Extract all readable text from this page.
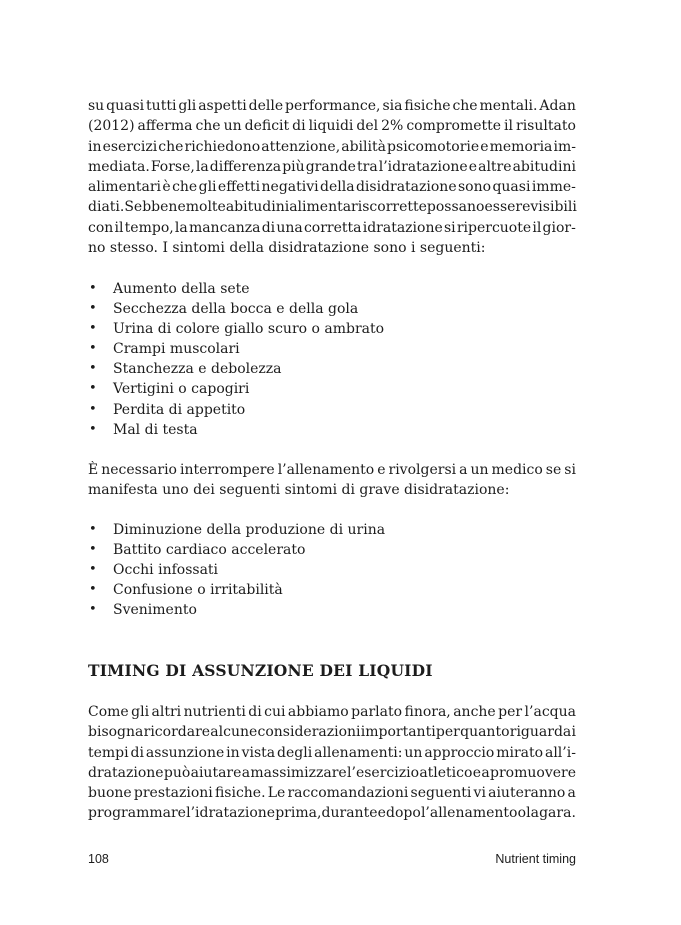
su quasi tutti gli aspetti delle performance, sia fisiche che mentali. Adan
(2012) afferma che un deficit di liquidi del 2% compromette il risultato
in esercizi che richiedono attenzione, abilità psicomotorie e memoria im-
mediata. Forse, la differenza più grande tra l’idratazione e altre abitudini
alimentari è che gli effetti negativi della disidratazione sono quasi imme-
diati. Sebbene molte abitudini alimentari scorrette possano essere visibili
con il tempo, la mancanza di una corretta idratazione si ripercuote il gior-
no stesso. I sintomi della disidratazione sono i seguenti:
• Aumento della sete
• Secchezza della bocca e della gola
• Urina di colore giallo scuro o ambrato
• Crampi muscolari
• Stanchezza e debolezza
• Vertigini o capogiri
• Perdita di appetito
• Mal di testa
È necessario interrompere l’allenamento e rivolgersi a un medico se si
manifesta uno dei seguenti sintomi di grave disidratazione:
• Diminuzione della produzione di urina
• Battito cardiaco accelerato
• Occhi infossati
• Confusione o irritabilità
• Svenimento
TIMING DI ASSUNZIONE DEI LIQUIDI
Come gli altri nutrienti di cui abbiamo parlato finora, anche per l’acqua
bisogna ricordare alcune considerazioni importanti per quanto riguarda i
tempi di assunzione in vista degli allenamenti: un approccio mirato all’i-
dratazione può aiutare a massimizzare l’esercizio atletico e a promuovere
buone prestazioni fisiche. Le raccomandazioni seguenti vi aiuteranno a
programmare l’idratazione prima, durante e dopo l’allenamento o la gara.
108	Nutrient timing
